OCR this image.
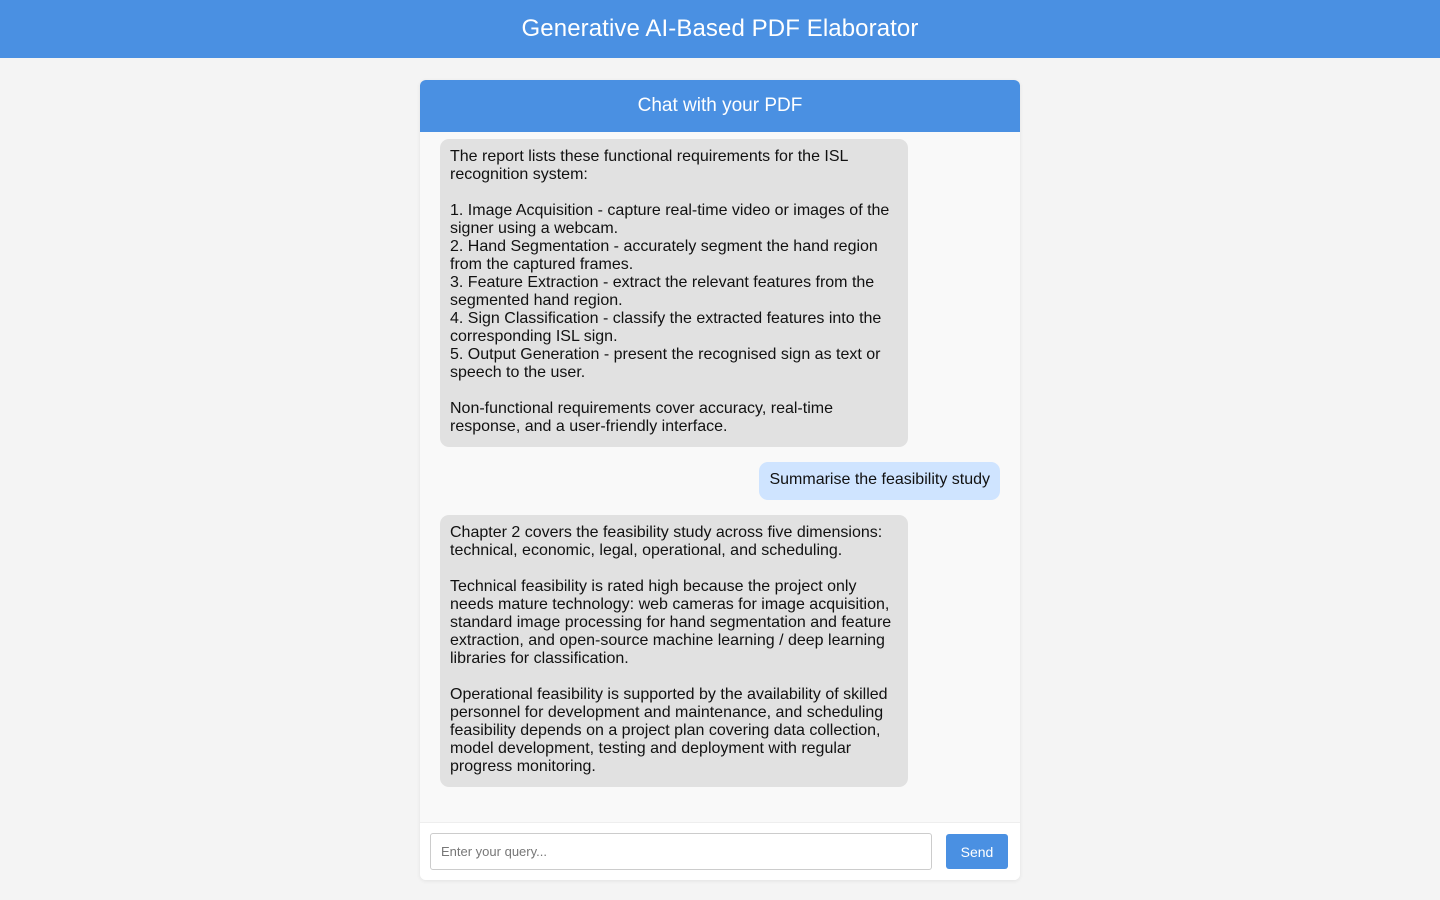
Generative AI-Based PDF Elaborator
Chat with your PDF
The report lists these functional requirements for the ISL recognition system:

1. Image Acquisition - capture real-time video or images of the signer using a webcam.
2. Hand Segmentation - accurately segment the hand region from the captured frames.
3. Feature Extraction - extract the relevant features from the segmented hand region.
4. Sign Classification - classify the extracted features into the corresponding ISL sign.
5. Output Generation - present the recognised sign as text or speech to the user.

Non-functional requirements cover accuracy, real-time response, and a user-friendly interface.
Summarise the feasibility study
Chapter 2 covers the feasibility study across five dimensions: technical, economic, legal, operational, and scheduling.

Technical feasibility is rated high because the project only needs mature technology: web cameras for image acquisition, standard image processing for hand segmentation and feature extraction, and open-source machine learning / deep learning libraries for classification.

Operational feasibility is supported by the availability of skilled personnel for development and maintenance, and scheduling feasibility depends on a project plan covering data collection, model development, testing and deployment with regular progress monitoring.
Enter your query...
Send
